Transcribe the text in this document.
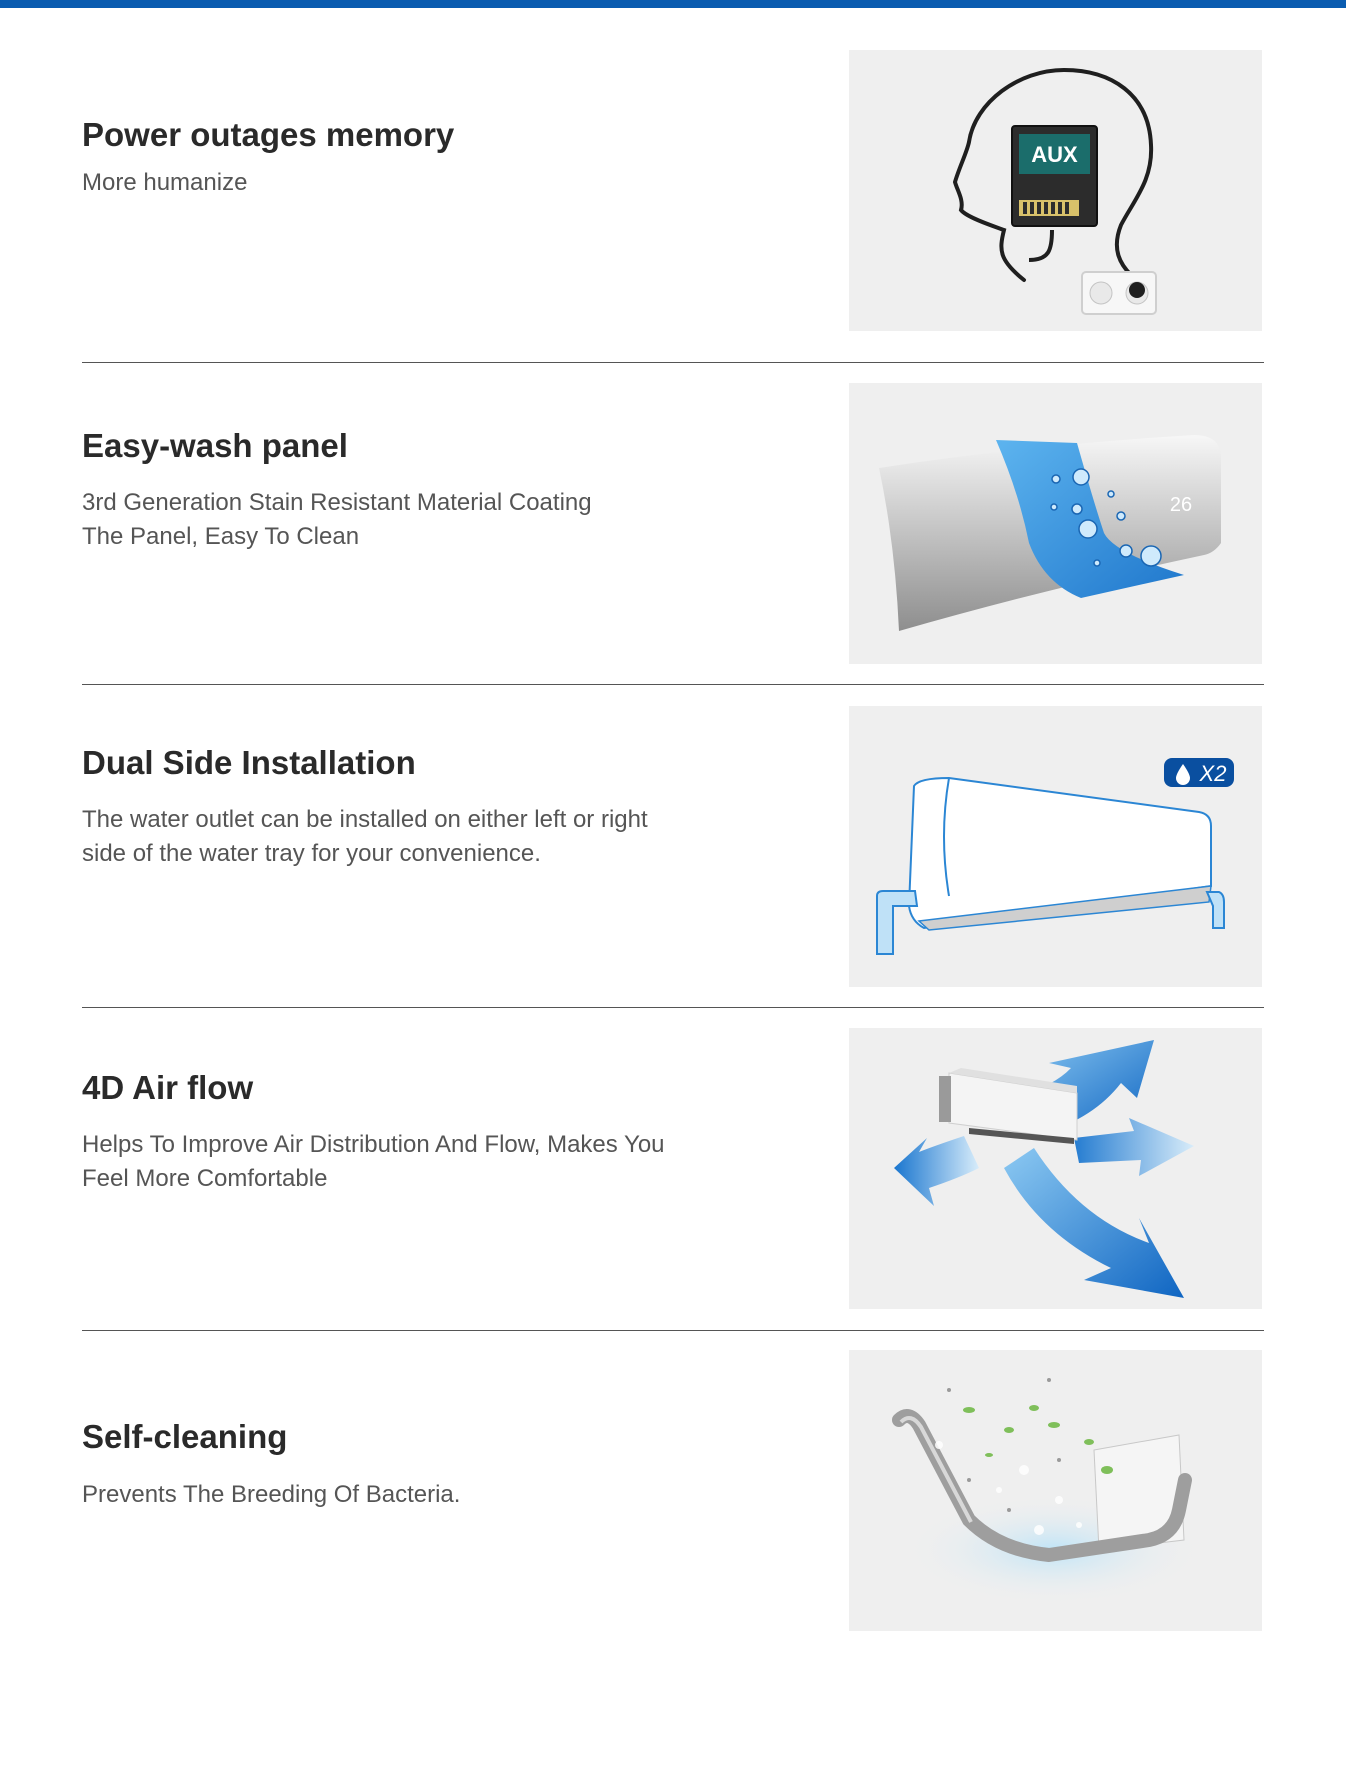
Power outages memory
More humanize
AUX
Easy-wash panel
3rd Generation Stain Resistant Material Coating
The Panel, Easy To Clean
26
Dual Side Installation
The water outlet can be installed on either left or right
side of the water tray for your convenience.
X2
4D Air flow
Helps To Improve Air Distribution And Flow, Makes You
Feel More Comfortable
Self-cleaning
Prevents The Breeding Of Bacteria.
